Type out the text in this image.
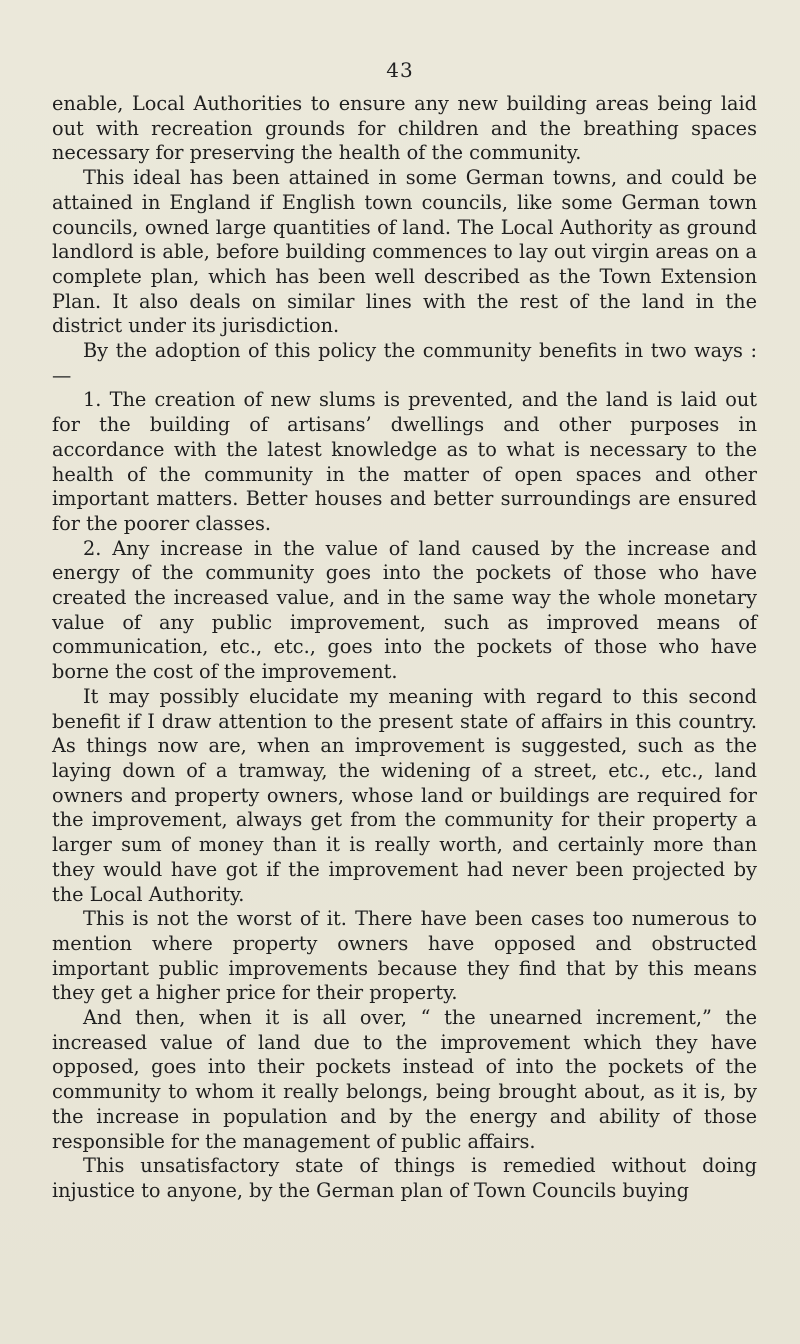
43

enable, Local Authorities to ensure any new building areas being laid out with recreation grounds for children and the breathing spaces necessary for preserving the health of the community.

This ideal has been attained in some German towns, and could be attained in England if English town councils, like some German town councils, owned large quantities of land. The Local Authority as ground landlord is able, before building commences to lay out virgin areas on a complete plan, which has been well described as the Town Extension Plan. It also deals on similar lines with the rest of the land in the district under its jurisdiction.

By the adoption of this policy the community benefits in two ways :—

1. The creation of new slums is prevented, and the land is laid out for the building of artisans’ dwellings and other purposes in accordance with the latest knowledge as to what is necessary to the health of the community in the matter of open spaces and other important matters. Better houses and better surroundings are ensured for the poorer classes.

2. Any increase in the value of land caused by the increase and energy of the community goes into the pockets of those who have created the increased value, and in the same way the whole monetary value of any public improvement, such as improved means of communication, etc., etc., goes into the pockets of those who have borne the cost of the improvement.

It may possibly elucidate my meaning with regard to this second benefit if I draw attention to the present state of affairs in this country. As things now are, when an improvement is suggested, such as the laying down of a tramway, the widening of a street, etc., etc., land owners and property owners, whose land or buildings are required for the improvement, always get from the community for their property a larger sum of money than it is really worth, and certainly more than they would have got if the improvement had never been projected by the Local Authority.

This is not the worst of it. There have been cases too numerous to mention where property owners have opposed and obstructed important public improvements because they find that by this means they get a higher price for their property.

And then, when it is all over, “ the unearned increment,” the increased value of land due to the improvement which they have opposed, goes into their pockets instead of into the pockets of the community to whom it really belongs, being brought about, as it is, by the increase in population and by the energy and ability of those responsible for the management of public affairs.

This unsatisfactory state of things is remedied without doing injustice to anyone, by the German plan of Town Councils buying
